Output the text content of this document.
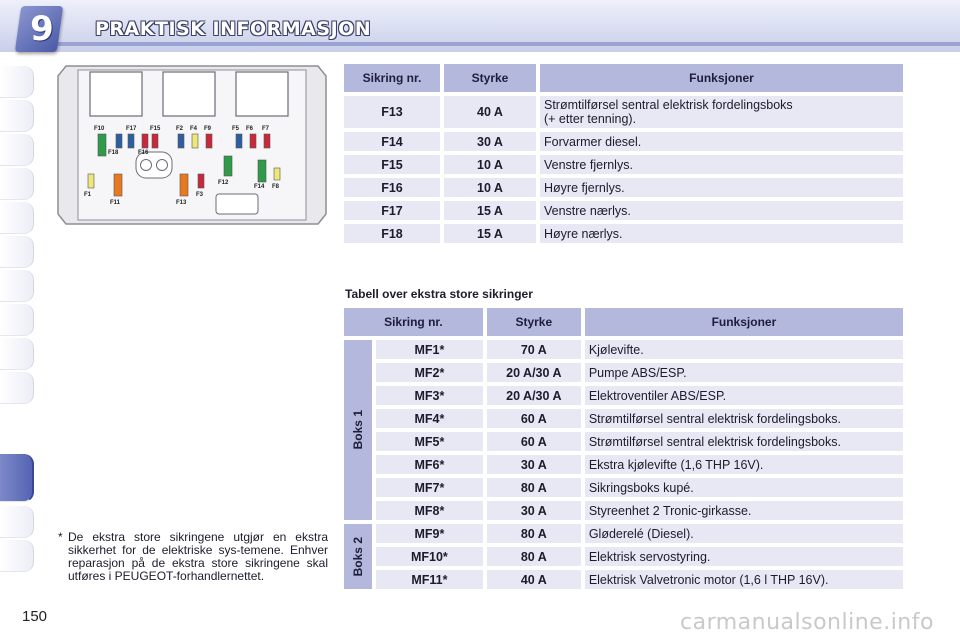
9	PRAKTISK INFORMASJON
F10	F17 F15	F2 F4 F9	F5 F6 F7
F18	F16
F12
F14 F8
F1
F11	F13
F3
Sikring nr.	Styrke	Funksjoner
F13	40 A	Strømtilførsel sentral elektrisk fordelingsboks
(+ etter tenning).
F14	30 A	Forvarmer diesel.
F15	10 A	Venstre fjernlys.
F16	10 A	Høyre fjernlys.
F17	15 A	Venstre nærlys.
F18	15 A	Høyre nærlys.
Tabell over ekstra store sikringer
Sikring nr.		Styrke	Funksjoner

Boks 1	MF1*	70 A	Kjølevifte.
	MF2*	20 A/30 A	Pumpe ABS/ESP.
	MF3*	20 A/30 A	Elektroventiler ABS/ESP.
	MF4*	60 A	Strømtilførsel sentral elektrisk fordelingsboks.
	MF5*	60 A	Strømtilførsel sentral elektrisk fordelingsboks.
	MF6*	30 A	Ekstra kjølevifte (1,6 THP 16V).
	MF7*	80 A	Sikringsboks kupé.
	MF8*	30 A	Styreenhet 2 Tronic-girkasse.

Boks 2	MF9*	80 A	Gløderelé (Diesel).
	MF10*	80 A	Elektrisk servostyring.
	MF11*	40 A	Elektrisk Valvetronic motor (1,6 l THP 16V).
* De ekstra store sikringene utgjør en ekstra sikkerhet for de elektriske sys-temene. Enhver reparasjon på de ekstra store sikringene skal utføres i PEUGEOT-forhandlernettet.
150	carmanualsonline.info
